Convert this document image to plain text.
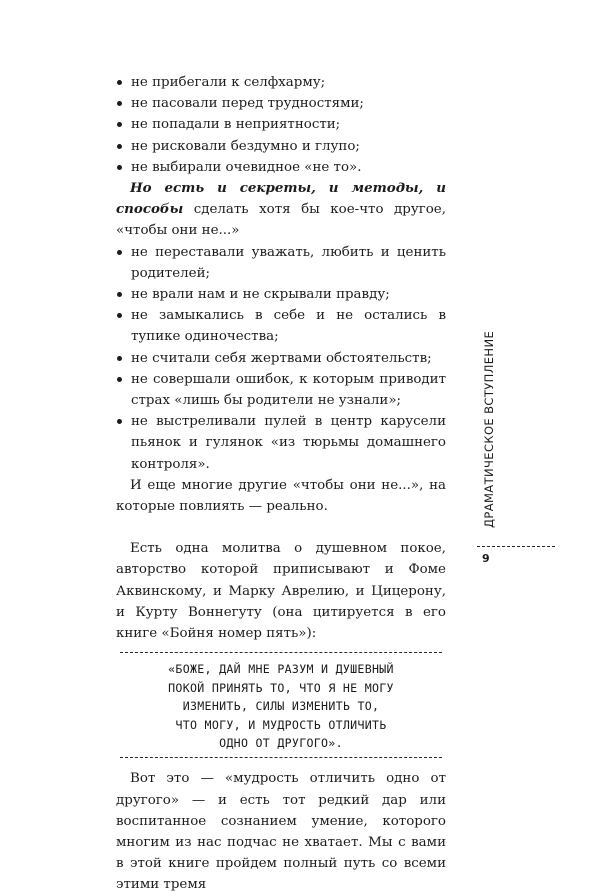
не прибегали к селфхарму;
не пасовали перед трудностями;
не попадали в неприятности;
не рисковали бездумно и глупо;
не выбирали очевидное «не то».

Но есть и секреты, и методы, и способы сделать хотя бы кое-что другое, «чтобы они не...»

не переставали уважать, любить и ценить родителей;
не врали нам и не скрывали правду;
не замыкались в себе и не остались в тупике одиночества;
не считали себя жертвами обстоятельств;
не совершали ошибок, к которым приводит страх «лишь бы родители не узнали»;
не выстреливали пулей в центр карусели пьянок и гулянок «из тюрьмы домашнего контроля».

И еще многие другие «чтобы они не...», на которые повлиять — реально.

Есть одна молитва о душевном покое, авторство которой приписывают и Фоме Аквинскому, и Марку Аврелию, и Цицерону, и Курту Воннегуту (она цитируется в его книге «Бойня номер пять»):

«БОЖЕ, ДАЙ МНЕ РАЗУМ И ДУШЕВНЫЙ
ПОКОЙ ПРИНЯТЬ ТО, ЧТО Я НЕ МОГУ
ИЗМЕНИТЬ, СИЛЫ ИЗМЕНИТЬ ТО,
ЧТО МОГУ, И МУДРОСТЬ ОТЛИЧИТЬ
ОДНО ОТ ДРУГОГО».

Вот это — «мудрость отличить одно от другого» — и есть тот редкий дар или воспитанное сознанием умение, которого многим из нас подчас не хватает. Мы с вами в этой книге пройдем полный путь со всеми этими тремя

ДРАМАТИЧЕСКОЕ ВСТУПЛЕНИЕ
9
